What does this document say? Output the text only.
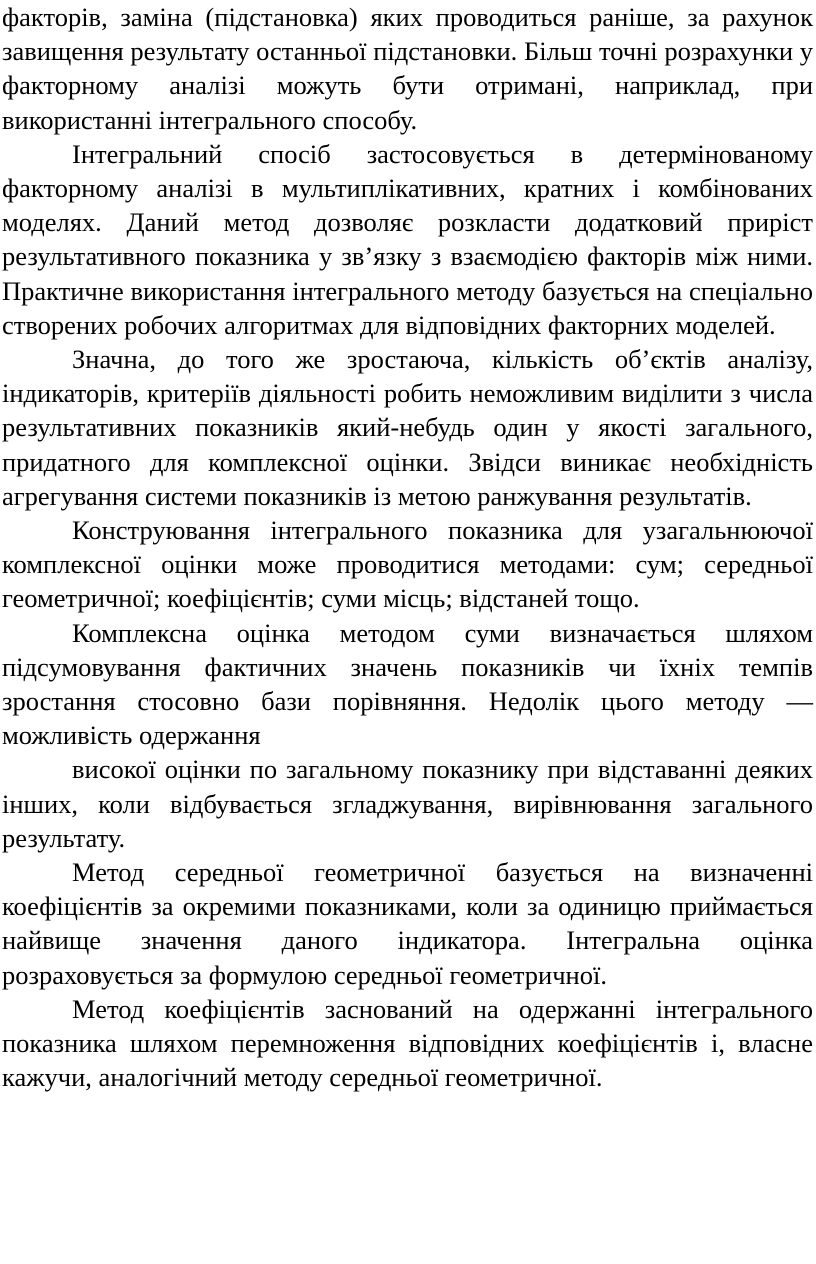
факторів, заміна (підстановка) яких проводиться раніше, за рахунок завищення результату останньої підстановки. Більш точні розрахунки у факторному аналізі можуть бути отримані, наприклад, при використанні інтегрального способу.

Інтегральний спосіб застосовується в детермінованому факторному аналізі в мультиплікативних, кратних і комбінованих моделях. Даний метод дозволяє розкласти додатковий приріст результативного показника у зв’язку з взаємодією факторів між ними. Практичне використання інтегрального методу базується на спеціально створених робочих алгоритмах для відповідних факторних моделей.

Значна, до того же зростаюча, кількість об’єктів аналізу, індикаторів, критеріїв діяльності робить неможливим виділити з числа результативних показників який-небудь один у якості загального, придатного для комплексної оцінки. Звідси виникає необхідність агрегування системи показників із метою ранжування результатів.

Конструювання інтегрального показника для узагальнюючої комплексної оцінки може проводитися методами: сум; середньої геометричної; коефіцієнтів; суми місць; відстаней тощо.

Комплексна оцінка методом суми визначається шляхом підсумовування фактичних значень показників чи їхніх темпів зростання стосовно бази порівняння. Недолік цього методу — можливість одержання

високої оцінки по загальному показнику при відставанні деяких інших, коли відбувається згладжування, вирівнювання загального результату.

Метод середньої геометричної базується на визначенні коефіцієнтів за окремими показниками, коли за одиницю приймається найвище значення даного індикатора. Інтегральна оцінка розраховується за формулою середньої геометричної.

Метод коефіцієнтів заснований на одержанні інтегрального показника шляхом перемноження відповідних коефіцієнтів і, власне кажучи, аналогічний методу середньої геометричної.
